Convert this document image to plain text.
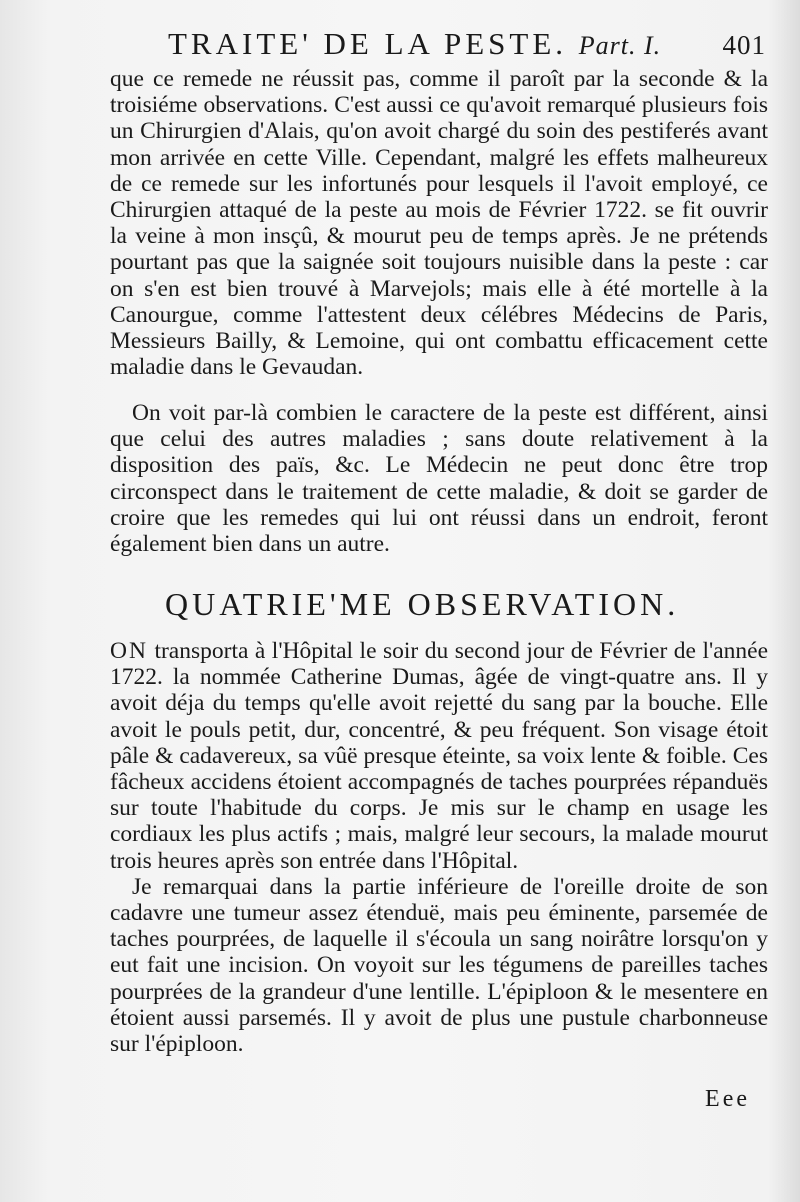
TRAITE' DE LA PESTE. Part. I. 401

que ce remede ne réussit pas, comme il paroît par la seconde & la troisiéme observations. C'est aussi ce qu'avoit remarqué plusieurs fois un Chirurgien d'Alais, qu'on avoit chargé du soin des pestiferés avant mon arrivée en cette Ville. Cependant, malgré les effets malheureux de ce remede sur les infortunés pour lesquels il l'avoit employé, ce Chirurgien attaqué de la peste au mois de Février 1722. se fit ouvrir la veine à mon insçû, & mourut peu de temps après. Je ne prétends pourtant pas que la saignée soit toujours nuisible dans la peste : car on s'en est bien trouvé à Marvejols; mais elle à été mortelle à la Canourgue, comme l'attestent deux célébres Médecins de Paris, Messieurs Bailly, & Lemoine, qui ont combattu efficacement cette maladie dans le Gevaudan.

On voit par-là combien le caractere de la peste est différent, ainsi que celui des autres maladies ; sans doute relativement à la disposition des païs, &c. Le Médecin ne peut donc être trop circonspect dans le traitement de cette maladie, & doit se garder de croire que les remedes qui lui ont réussi dans un endroit, feront également bien dans un autre.

QUATRIE'ME OBSERVATION.

ON transporta à l'Hôpital le soir du second jour de Février de l'année 1722. la nommée Catherine Dumas, âgée de vingt-quatre ans. Il y avoit déja du temps qu'elle avoit rejetté du sang par la bouche. Elle avoit le pouls petit, dur, concentré, & peu fréquent. Son visage étoit pâle & cadavereux, sa vûë presque éteinte, sa voix lente & foible. Ces fâcheux accidens étoient accompagnés de taches pourprées répanduës sur toute l'habitude du corps. Je mis sur le champ en usage les cordiaux les plus actifs ; mais, malgré leur secours, la malade mourut trois heures après son entrée dans l'Hôpital.

Je remarquai dans la partie inférieure de l'oreille droite de son cadavre une tumeur assez étenduë, mais peu éminente, parsemée de taches pourprées, de laquelle il s'écoula un sang noirâtre lorsqu'on y eut fait une incision. On voyoit sur les tégumens de pareilles taches pourprées de la grandeur d'une lentille. L'épiploon & le mesentere en étoient aussi parsemés. Il y avoit de plus une pustule charbonneuse sur l'épiploon.

Eee
